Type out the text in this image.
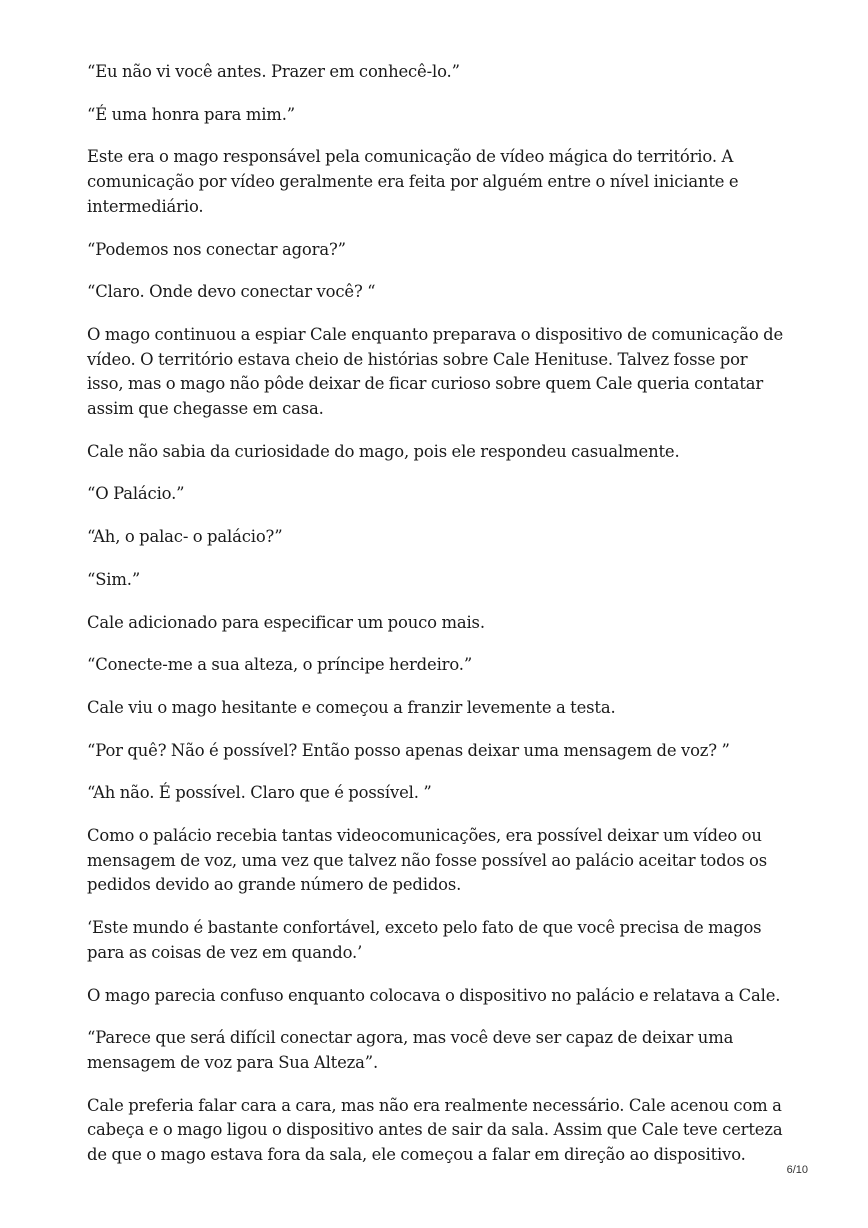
“Eu não vi você antes. Prazer em conhecê-lo.”

“É uma honra para mim.”

Este era o mago responsável pela comunicação de vídeo mágica do território. A comunicação por vídeo geralmente era feita por alguém entre o nível iniciante e intermediário.

“Podemos nos conectar agora?”

“Claro. Onde devo conectar você? “

O mago continuou a espiar Cale enquanto preparava o dispositivo de comunicação de vídeo. O território estava cheio de histórias sobre Cale Henituse. Talvez fosse por isso, mas o mago não pôde deixar de ficar curioso sobre quem Cale queria contatar assim que chegasse em casa.

Cale não sabia da curiosidade do mago, pois ele respondeu casualmente.

“O Palácio.”

“Ah, o palac- o palácio?”

“Sim.”

Cale adicionado para especificar um pouco mais.

“Conecte-me a sua alteza, o príncipe herdeiro.”

Cale viu o mago hesitante e começou a franzir levemente a testa.

“Por quê? Não é possível? Então posso apenas deixar uma mensagem de voz? ”

“Ah não. É possível. Claro que é possível. ”

Como o palácio recebia tantas videocomunicações, era possível deixar um vídeo ou mensagem de voz, uma vez que talvez não fosse possível ao palácio aceitar todos os pedidos devido ao grande número de pedidos.

‘Este mundo é bastante confortável, exceto pelo fato de que você precisa de magos para as coisas de vez em quando.’

O mago parecia confuso enquanto colocava o dispositivo no palácio e relatava a Cale.

“Parece que será difícil conectar agora, mas você deve ser capaz de deixar uma mensagem de voz para Sua Alteza”.

Cale preferia falar cara a cara, mas não era realmente necessário. Cale acenou com a cabeça e o mago ligou o dispositivo antes de sair da sala. Assim que Cale teve certeza de que o mago estava fora da sala, ele começou a falar em direção ao dispositivo.

6/10
